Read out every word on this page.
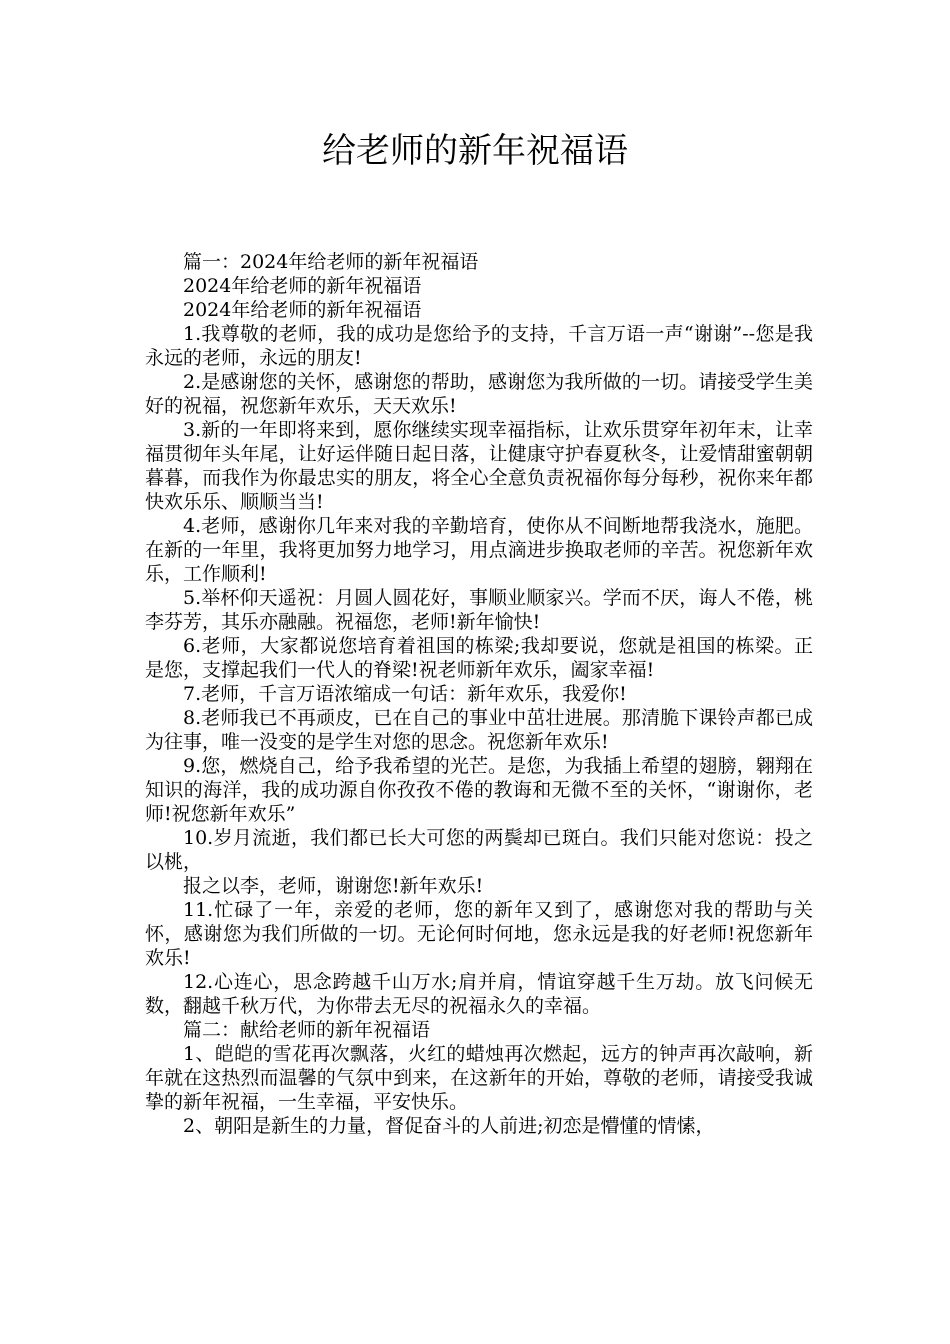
给老师的新年祝福语

篇一：2024年给老师的新年祝福语

2024年给老师的新年祝福语

2024年给老师的新年祝福语

1.我尊敬的老师，我的成功是您给予的支持，千言万语一声“谢谢”--您是我永远的老师，永远的朋友!

2.是感谢您的关怀，感谢您的帮助，感谢您为我所做的一切。请接受学生美好的祝福，祝您新年欢乐，天天欢乐!

3.新的一年即将来到，愿你继续实现幸福指标，让欢乐贯穿年初年末，让幸福贯彻年头年尾，让好运伴随日起日落，让健康守护春夏秋冬，让爱情甜蜜朝朝暮暮，而我作为你最忠实的朋友，将全心全意负责祝福你每分每秒，祝你来年都快欢乐乐、顺顺当当!

4.老师，感谢你几年来对我的辛勤培育，使你从不间断地帮我浇水，施肥。在新的一年里，我将更加努力地学习，用点滴进步换取老师的辛苦。祝您新年欢乐，工作顺利!

5.举杯仰天遥祝：月圆人圆花好，事顺业顺家兴。学而不厌，诲人不倦，桃李芬芳，其乐亦融融。祝福您，老师!新年愉快!

6.老师，大家都说您培育着祖国的栋梁;我却要说，您就是祖国的栋梁。正是您，支撑起我们一代人的脊梁!祝老师新年欢乐，阖家幸福!

7.老师，千言万语浓缩成一句话：新年欢乐，我爱你!

8.老师我已不再顽皮，已在自己的事业中茁壮进展。那清脆下课铃声都已成为往事，唯一没变的是学生对您的思念。祝您新年欢乐!

9.您，燃烧自己，给予我希望的光芒。是您，为我插上希望的翅膀，翱翔在知识的海洋，我的成功源自你孜孜不倦的教诲和无微不至的关怀，“谢谢你，老师!祝您新年欢乐”

10.岁月流逝，我们都已长大可您的两鬓却已斑白。我们只能对您说：投之以桃，

报之以李，老师，谢谢您!新年欢乐!

11.忙碌了一年，亲爱的老师，您的新年又到了，感谢您对我的帮助与关怀，感谢您为我们所做的一切。无论何时何地，您永远是我的好老师!祝您新年欢乐!

12.心连心，思念跨越千山万水;肩并肩，情谊穿越千生万劫。放飞问候无数，翻越千秋万代，为你带去无尽的祝福永久的幸福。

篇二：献给老师的新年祝福语

1、皑皑的雪花再次飘落，火红的蜡烛再次燃起，远方的钟声再次敲响，新年就在这热烈而温馨的气氛中到来，在这新年的开始，尊敬的老师，请接受我诚挚的新年祝福，一生幸福，平安快乐。

2、朝阳是新生的力量，督促奋斗的人前进;初恋是懵懂的情愫，
